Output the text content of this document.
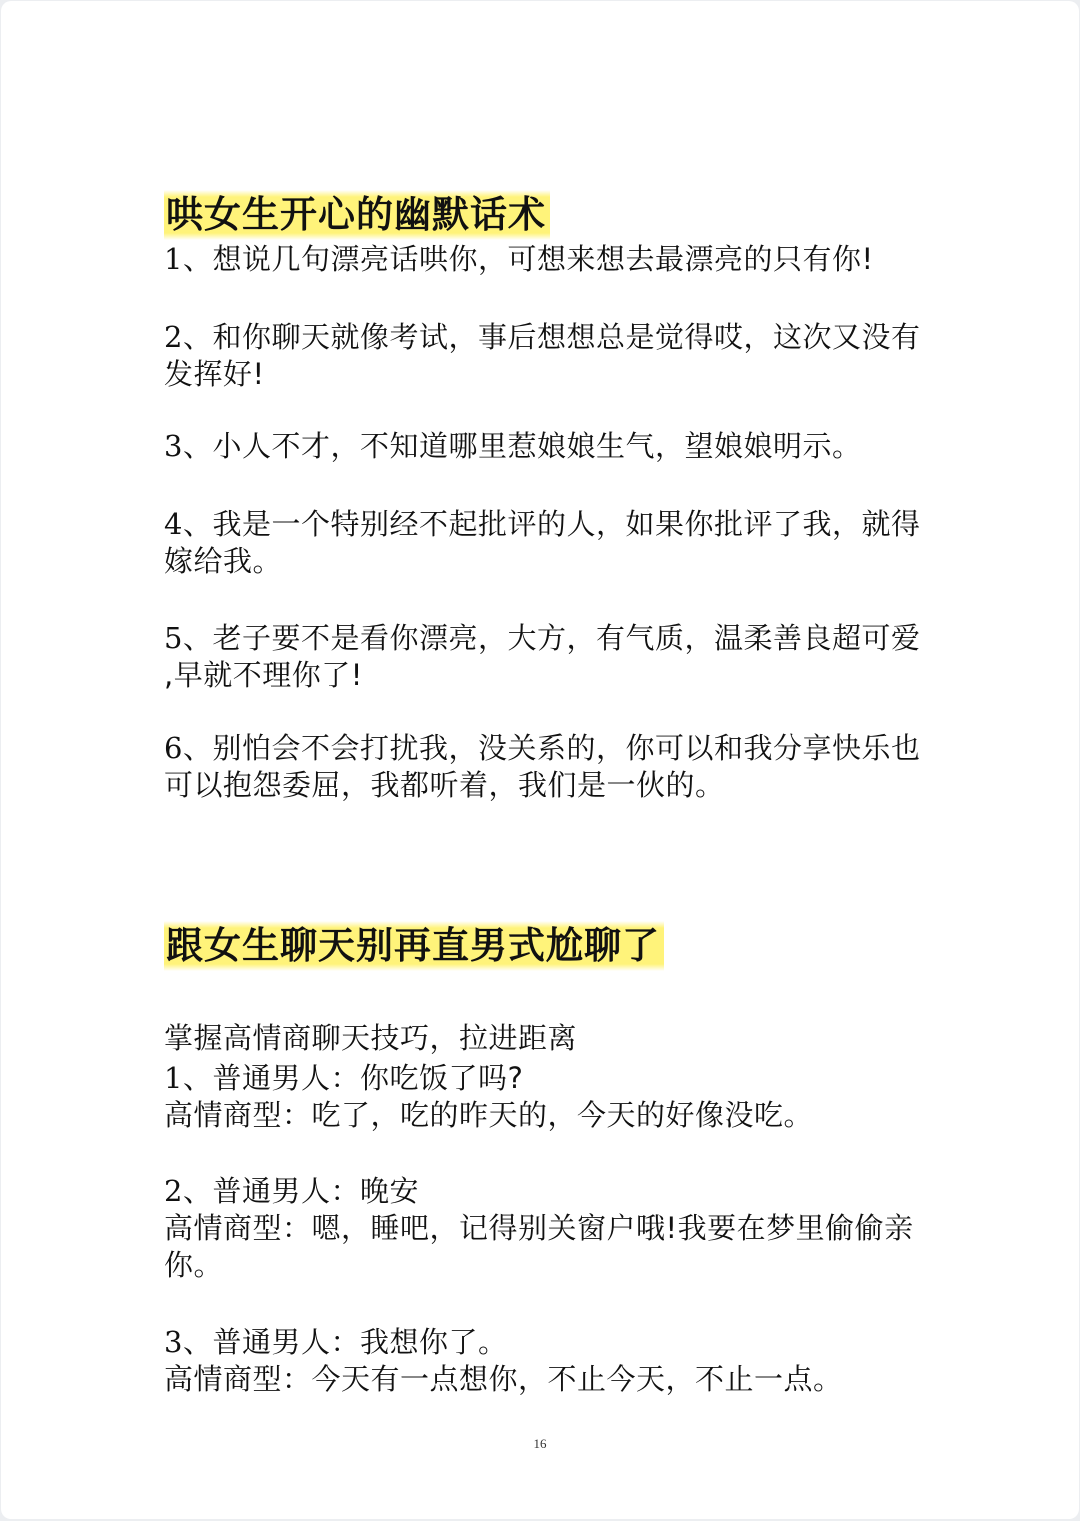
哄女生开心的幽默话术
1、想说几句漂亮话哄你，可想来想去最漂亮的只有你!
2、和你聊天就像考试，事后想想总是觉得哎，这次又没有
发挥好!
3、小人不才，不知道哪里惹娘娘生气，望娘娘明示。
4、我是一个特别经不起批评的人，如果你批评了我，就得
嫁给我。
5、老子要不是看你漂亮，大方，有气质，温柔善良超可爱
,早就不理你了!
6、别怕会不会打扰我，没关系的，你可以和我分享快乐也
可以抱怨委屈，我都听着，我们是一伙的。
跟女生聊天别再直男式尬聊了
掌握高情商聊天技巧，拉进距离
1、普通男人：你吃饭了吗?
高情商型：吃了，吃的昨天的，今天的好像没吃。
2、普通男人：晚安
高情商型：嗯，睡吧，记得别关窗户哦!我要在梦里偷偷亲
你。
3、普通男人：我想你了。
高情商型：今天有一点想你，不止今天，不止一点。
16
